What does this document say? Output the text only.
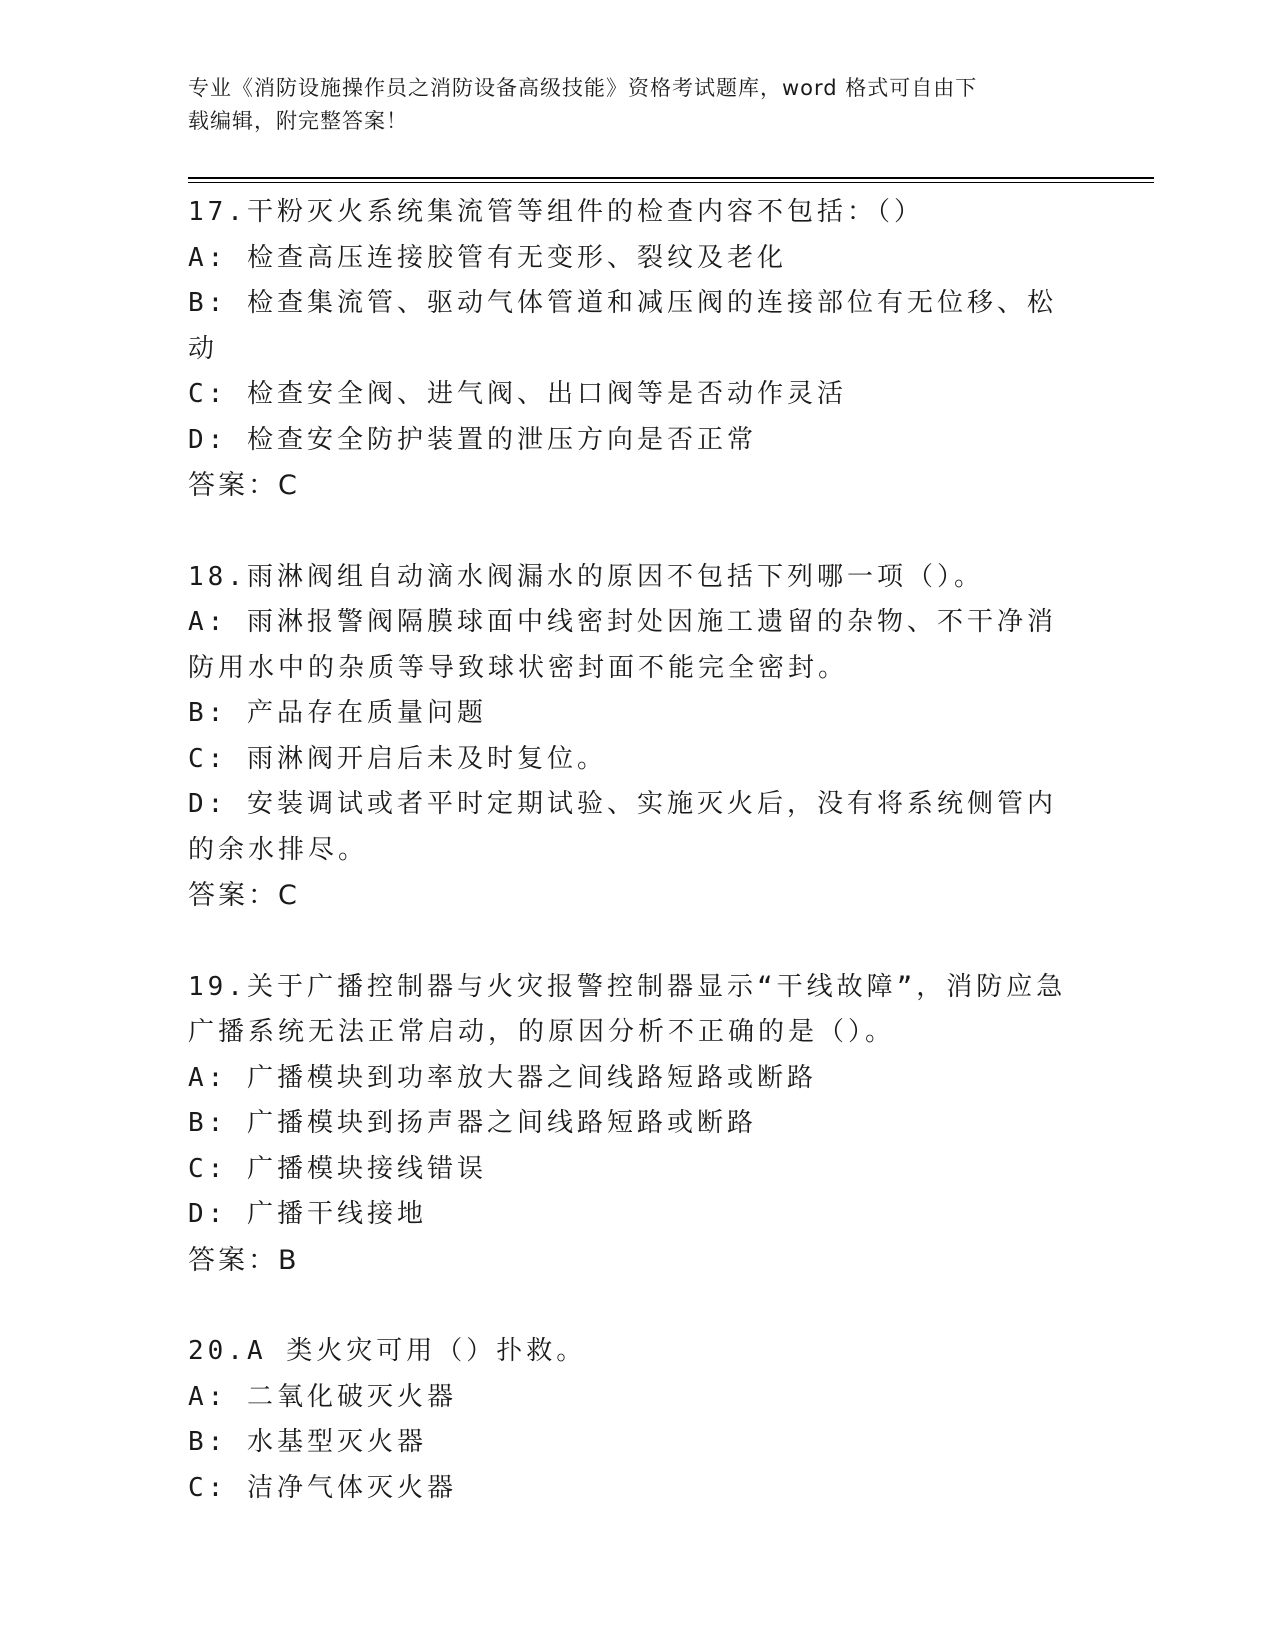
专业《消防设施操作员之消防设备高级技能》资格考试题库，word 格式可自由下
载编辑，附完整答案！
17.干粉灭火系统集流管等组件的检查内容不包括：（）
A: 检查高压连接胶管有无变形、裂纹及老化
B: 检查集流管、驱动气体管道和减压阀的连接部位有无位移、松动
C: 检查安全阀、进气阀、出口阀等是否动作灵活
D: 检查安全防护装置的泄压方向是否正常
答案：C
18.雨淋阀组自动滴水阀漏水的原因不包括下列哪一项（）。
A: 雨淋报警阀隔膜球面中线密封处因施工遗留的杂物、不干净消防用水中的杂质等导致球状密封面不能完全密封。
B: 产品存在质量问题
C: 雨淋阀开启后未及时复位。
D: 安装调试或者平时定期试验、实施灭火后，没有将系统侧管内的余水排尽。
答案：C
19.关于广播控制器与火灾报警控制器显示“干线故障”，消防应急广播系统无法正常启动，的原因分析不正确的是（）。
A: 广播模块到功率放大器之间线路短路或断路
B: 广播模块到扬声器之间线路短路或断路
C: 广播模块接线错误
D: 广播干线接地
答案：B
20.A 类火灾可用（）扑救。
A: 二氧化破灭火器
B: 水基型灭火器
C: 洁净气体灭火器
